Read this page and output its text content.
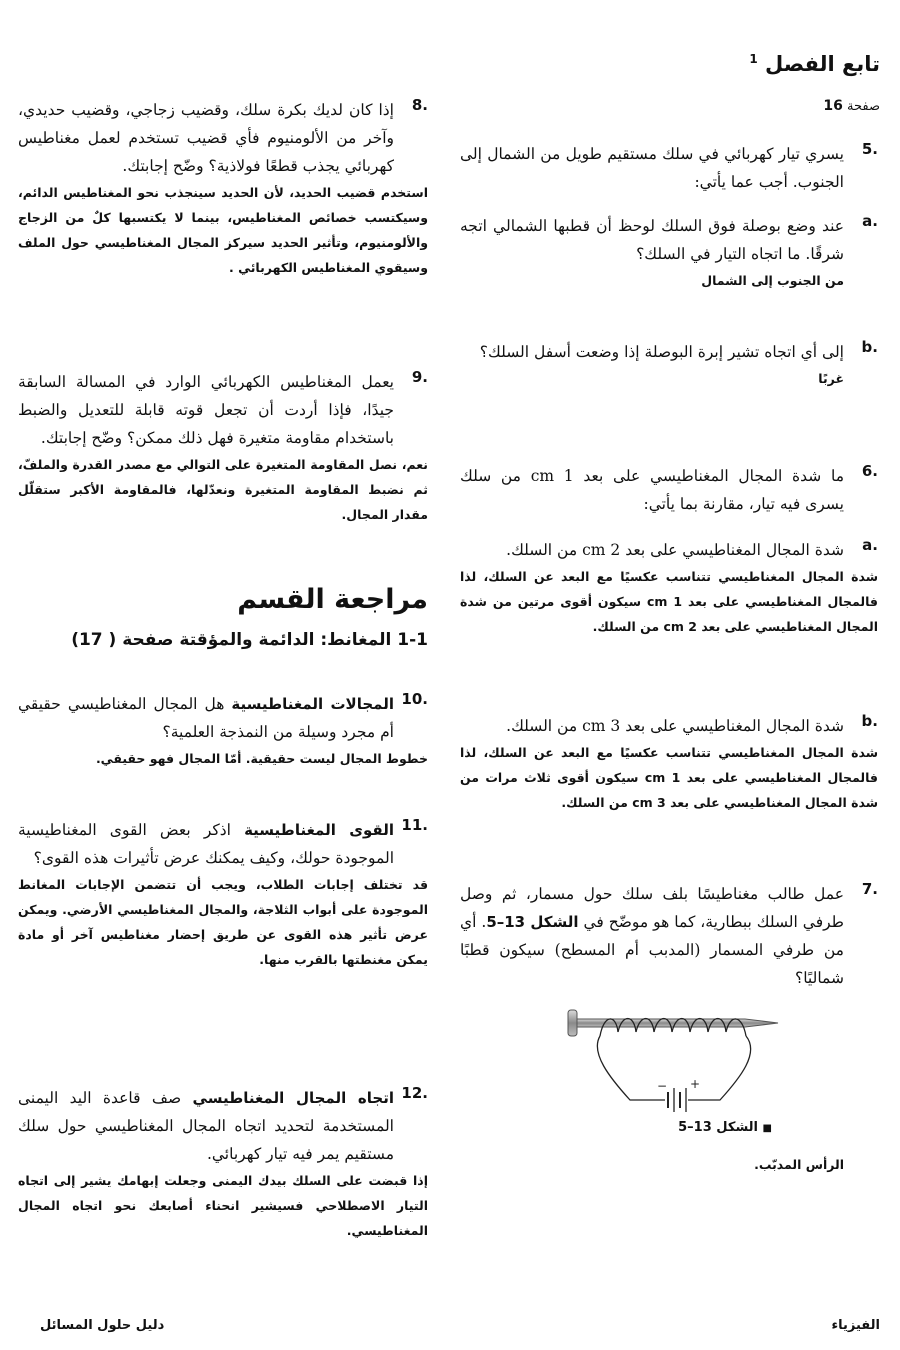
تابع الفصل $^1$
صفحة 16
.5
يسري تيار كهربائي في سلك مستقيم طويل من الشمال إلى الجنوب. أجب عما يأتي:
.a
عند وضع بوصلة فوق السلك لوحظ أن قطبها الشمالي اتجه شرقًا. ما اتجاه التيار في السلك؟
من الجنوب إلى الشمال
.b
إلى أي اتجاه تشير إبرة البوصلة إذا وضعت أسفل السلك؟
غربًا
.6
ما شدة المجال المغناطيسي على بعد 1 cm من سلك يسرى فيه تيار، مقارنة بما يأتي:
.a
شدة المجال المغناطيسي على بعد 2 cm من السلك.
شدة المجال المغناطيسي تتناسب عكسيًا مع البعد عن السلك، لذا فالمجال المغناطيسي على بعد 1 cm سيكون أقوى مرتين من شدة المجال المغناطيسي على بعد 2 cm من السلك.
.b
شدة المجال المغناطيسي على بعد 3 cm من السلك.
شدة المجال المغناطيسي تتناسب عكسيًا مع البعد عن السلك، لذا فالمجال المغناطيسي على بعد 1 cm سيكون أقوى ثلاث مرات من شدة المجال المغناطيسي على بعد 3 cm من السلك.
.7
عمل طالب مغناطيسًا بلف سلك حول مسمار، ثم وصل طرفي السلك ببطارية، كما هو موضّح في الشكل 13–5. أي من طرفي المسمار (المدبب أم المسطح) سيكون قطبًا شماليًا؟
− +
■ الشكل 13–5
الرأس المدبّب.
.8
إذا كان لديك بكرة سلك، وقضيب زجاجي، وقضيب حديدي، وآخر من الألومنيوم فأي قضيب تستخدم لعمل مغناطيس كهربائي يجذب قطعًا فولاذية؟ وضّح إجابتك.
استخدم قضيب الحديد، لأن الحديد سينجذب نحو المغناطيس الدائم، وسيكتسب خصائص المغناطيس، بينما لا يكتسبها كلٌ من الزجاج والألومنيوم، وتأثير الحديد سيركز المجال المغناطيسي حول الملف وسيقوي المغناطيس الكهربائي .
.9
يعمل المغناطيس الكهربائي الوارد في المسالة السابقة جيدًا، فإذا أردت أن تجعل قوته قابلة للتعديل والضبط باستخدام مقاومة متغيرة فهل ذلك ممكن؟ وضّح إجابتك.
نعم، نصل المقاومة المتغيرة على التوالي مع مصدر القدرة والملفّ، ثم نضبط المقاومة المتغيرة ونعدّلها، فالمقاومة الأكبر ستقلّل مقدار المجال.
مراجعة القسم
1-1 المغانط: الدائمة والمؤقتة صفحة ( 17)
.10
المجالات المغناطيسية هل المجال المغناطيسي حقيقي أم مجرد وسيلة من النمذجة العلمية؟
خطوط المجال ليست حقيقية. أمّا المجال فهو حقيقي.
.11
القوى المغناطيسية اذكر بعض القوى المغناطيسية الموجودة حولك، وكيف يمكنك عرض تأثيرات هذه القوى؟
قد تختلف إجابات الطلاب، ويجب أن تتضمن الإجابات المغانط الموجودة على أبواب الثلاجة، والمجال المغناطيسي الأرضي. ويمكن عرض تأثير هذه القوى عن طريق إحضار مغناطيس آخر أو مادة يمكن مغنطتها بالقرب منها.
.12
اتجاه المجال المغناطيسي صف قاعدة اليد اليمنى المستخدمة لتحديد اتجاه المجال المغناطيسي حول سلك مستقيم يمر فيه تيار كهربائي.
إذا قبضت على السلك بيدك اليمنى وجعلت إبهامك يشير إلى اتجاه التيار الاصطلاحي فسيشير انحناء أصابعك نحو اتجاه المجال المغناطيسي.
الفيزياء
دليل حلول المسائل
